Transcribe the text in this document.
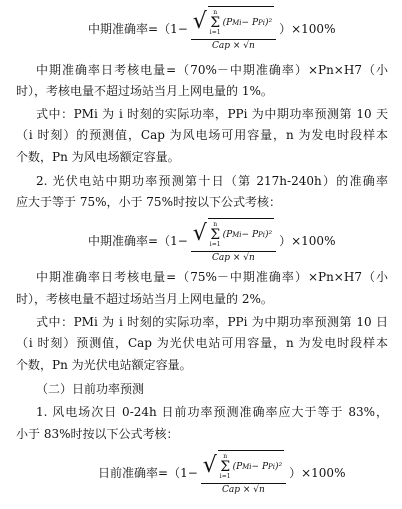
中期准确率= （1− √ n
Σ
i=1
(P Mi − P Pi )²
Cap × √n ） ×100%
中期准确率日考核电量=（70%－中期准确率）×Pn×H7（小
时），考核电量不超过场站当月上网电量的 1%。
式中：PMi 为 i 时刻的实际功率，PPi 为中期功率预测第 10 天
（i 时刻）的预测值，Cap 为风电场可用容量，n 为发电时段样本
个数，Pn 为风电场额定容量。
2. 光伏电站中期功率预测第十日（第 217h-240h）的准确率
应大于等于 75%，小于 75%时按以下公式考核：
中期准确率= （1− √ n
Σ
i=1
(P Mi − P Pi )²
Cap × √n ） ×100%
中期准确率日考核电量=（75%－中期准确率）×Pn×H7（小
时），考核电量不超过场站当月上网电量的 2%。
式中：PMi 为 i 时刻的实际功率，PPi 为中期功率预测第 10 日
（i 时刻）预测值，Cap 为光伏电站可用容量，n 为发电时段样本
个数，Pn 为光伏电站额定容量。
（二）日前功率预测
1. 风电场次日 0-24h 日前功率预测准确率应大于等于 83%，
小于 83%时按以下公式考核：
日前准确率= （1− √ n
Σ
i=1
(P Mi − P Pi )²
Cap × √n ） ×100%
